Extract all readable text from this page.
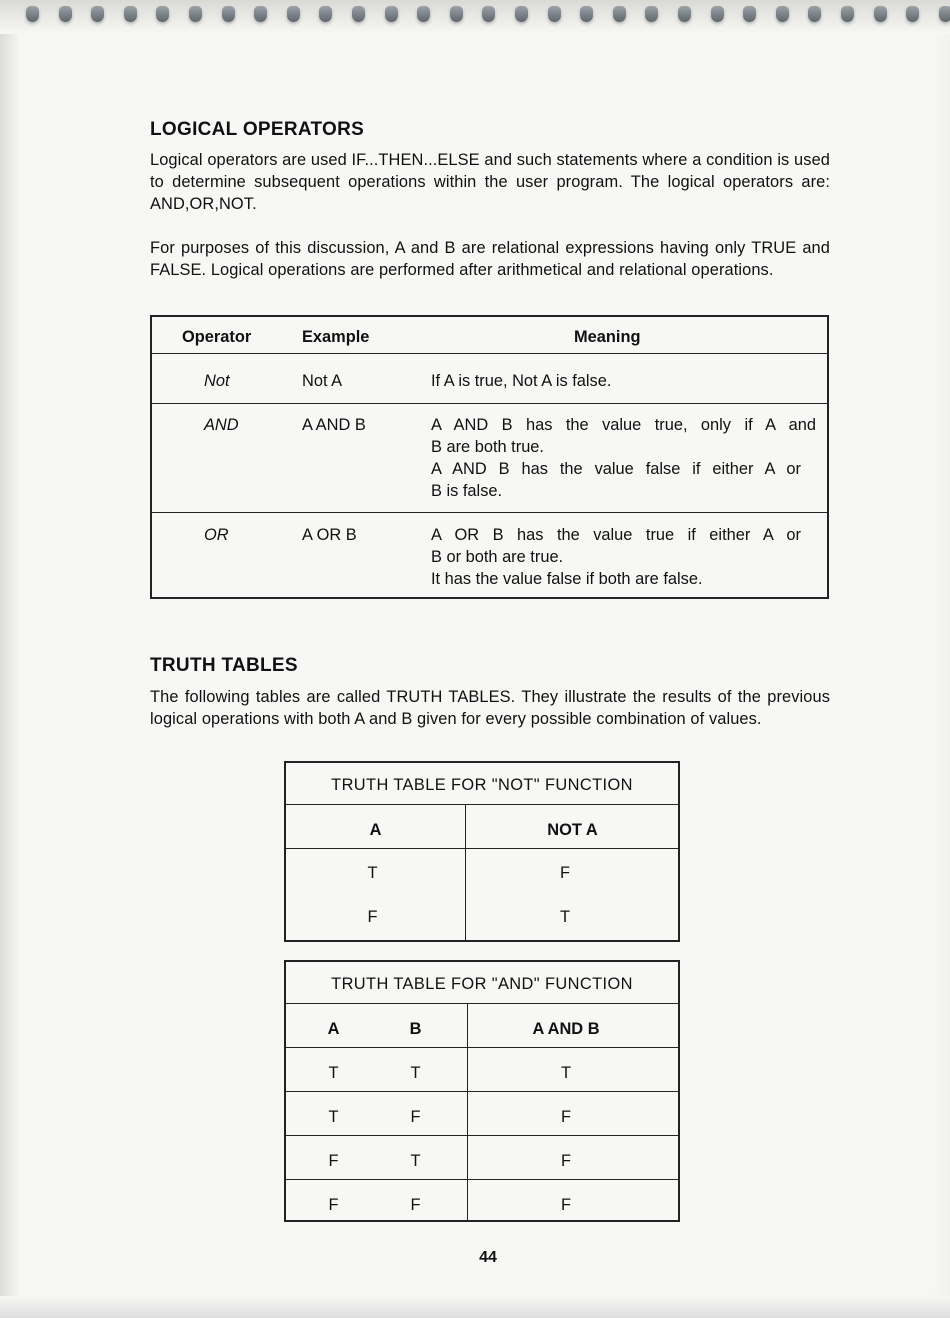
LOGICAL OPERATORS

Logical operators are used IF...THEN...ELSE and such statements where a condition is used to determine subsequent operations within the user program. The logical operators are: AND,OR,NOT.

For purposes of this discussion, A and B are relational expressions having only TRUE and FALSE. Logical operations are performed after arithmetical and relational operations.

Operator	Example	Meaning
Not	Not A	If A is true, Not A is false.
AND	A AND B	A AND B has the value true, only if A and
B are both true.
A AND B has the value false if either A or
B is false.
OR	A OR B	A OR B has the value true if either A or
B or both are true.
It has the value false if both are false.
TRUTH TABLES

The following tables are called TRUTH TABLES. They illustrate the results of the previous logical operations with both A and B given for every possible combination of values.

TRUTH TABLE FOR "NOT" FUNCTION
A	NOT A
T	F
F	T
TRUTH TABLE FOR "AND" FUNCTION
A	B	A AND B
T	T	T
T	F	F
F	T	F
F	F	F
44
